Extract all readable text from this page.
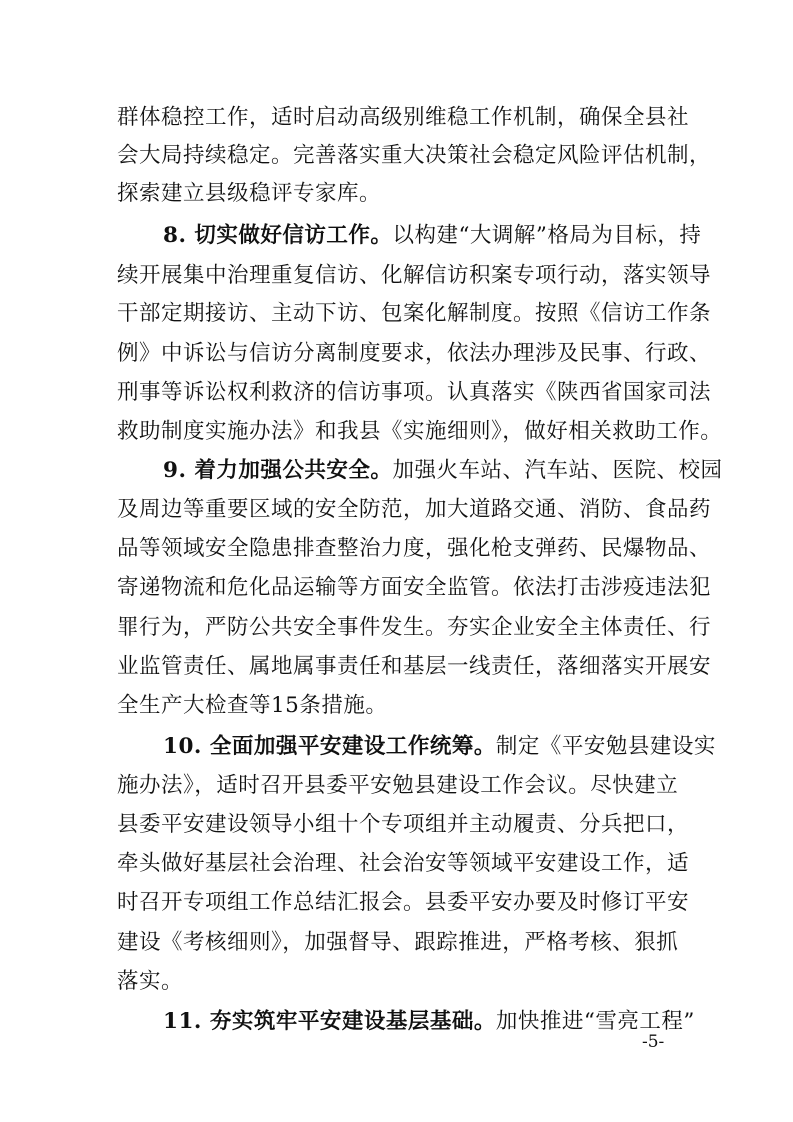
群体稳控工作，适时启动高级别维稳工作机制，确保全县社
会大局持续稳定。完善落实重大决策社会稳定风险评估机制，
探索建立县级稳评专家库。
8. 切实做好信访工作。以构建“大调解”格局为目标，持
续开展集中治理重复信访、化解信访积案专项行动，落实领导
干部定期接访、主动下访、包案化解制度。按照《信访工作条
例》中诉讼与信访分离制度要求，依法办理涉及民事、行政、
刑事等诉讼权利救济的信访事项。认真落实《陕西省国家司法
救助制度实施办法》和我县《实施细则》，做好相关救助工作。
9. 着力加强公共安全。加强火车站、汽车站、医院、校园
及周边等重要区域的安全防范，加大道路交通、消防、食品药
品等领域安全隐患排查整治力度，强化枪支弹药、民爆物品、
寄递物流和危化品运输等方面安全监管。依法打击涉疫违法犯
罪行为，严防公共安全事件发生。夯实企业安全主体责任、行
业监管责任、属地属事责任和基层一线责任，落细落实开展安
全生产大检查等15条措施。
10. 全面加强平安建设工作统筹。制定《平安勉县建设实
施办法》，适时召开县委平安勉县建设工作会议。尽快建立
县委平安建设领导小组十个专项组并主动履责、分兵把口，
牵头做好基层社会治理、社会治安等领域平安建设工作，适
时召开专项组工作总结汇报会。县委平安办要及时修订平安
建设《考核细则》，加强督导、跟踪推进，严格考核、狠抓
落实。
11. 夯实筑牢平安建设基层基础。加快推进“雪亮工程”
-5-
